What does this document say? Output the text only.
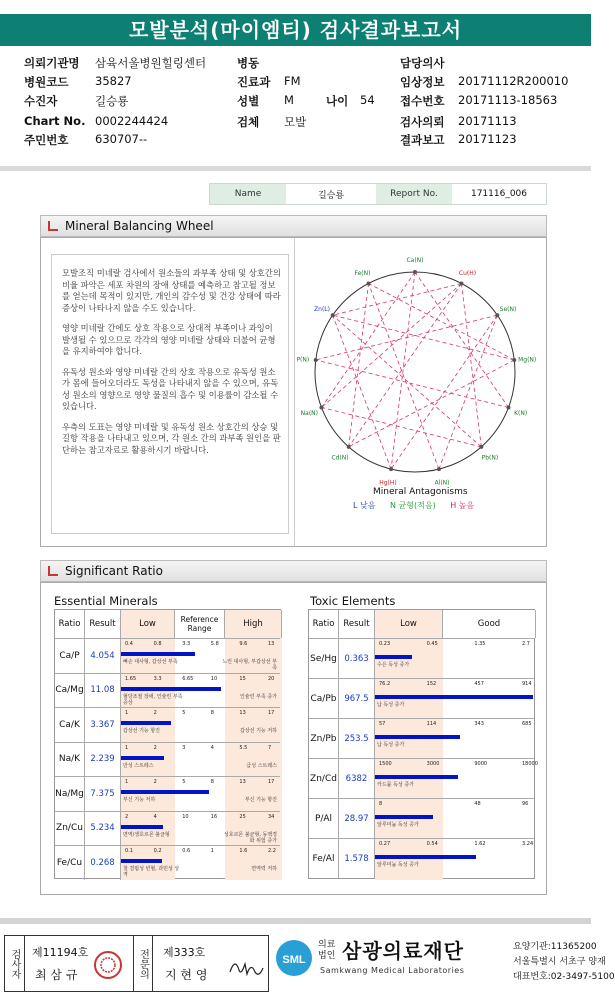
모발분석(마이엠티) 검사결과보고서
의뢰기관명 삼육서울병원힐링센터
병원코드 35827
수진자	길승룡
Chart No. 0002244424
주민번호 630707--
병동
진료과 FM
성별 M
검체 모발
담당의사
임상정보 20171112R200010
접수번호 20171113-18563
검사의뢰 20171113
결과보고 20171123
나이 54
Name	길승룡	Report No.	171116_006
Mineral Balancing Wheel
모발조직 미네랄 검사에서 원소들의 과부족 상태 및 상호간의 비율 파악은 세포 차원의 장애 상태를 예측하고 참고될 정보를 얻는데 목적이 있지만, 개인의 감수성 및 건강 상태에 따라 증상이 나타나지 않을 수도 있습니다.
영양 미네랄 간에도 상호 작용으로 상대적 부족이나 과잉이 발생될 수 있으므로 각각의 영양 미네랄 상태와 더불어 균형을 유지하여야 합니다.
유독성 원소와 영양 미네랄 간의 상호 작용으로 유독성 원소가 몸에 들어오더라도 독성을 나타내지 않을 수 있으며, 유독성 원소의 영향으로 영양 물질의 흡수 및 이용률이 감소될 수 있습니다.
우측의 도표는 영양 미네랄 및 유독성 원소 상호간의 상승 및 길항 작용을 나타내고 있으며, 각 원소 간의 과부족 원인을 판단하는 참고자료로 활용하시기 바랍니다.
Ca(N)
Cu(H)
Se(N)
Mg(N)
K(N)
Pb(N)
Al(N)
Hg(H)
Cd(N)
Na(N)
P(N)
Zn(L)
Fe(N)
Mineral Antagonisms
L 낮음 N 균형(적음) H 높음
Significant Ratio
Essential Minerals	Toxic Elements
Ratio	Result	Low	Reference Range	High
Ca/P	4.054
0.4	0.8	3.3	5.8	9.6	13
뼈손 대사형, 갑상선 부족	느린 대사형, 부갑상선 부족
Ca/Mg 11.08
1.65	3.3	6.65	10	15	20
혈당조절 장애, 인슐린 부족 증상
인슐린 부족 증가
Ca/K	3.367
1	2	5	8	13	17
갑상선 기능 항진	갑상선 기능 저하
Na/K	2.239
1	2	3	4	5.5	7
만성 스트레스	급성 스트레스
Na/Mg 7.375
1	2	5	8	13	17
부신 기능 저하	부신 기능 항진
Zn/Cu 5.234
2	4	10	16	25	34
면역/생호르몬 불균형	성호르몬 불균형, 동맥경화 위험 증가
Fe/Cu 0.268
0.1	0.2	0.6	1	1.6	2.2
철 결핍성 빈혈, 과민성 상격
면역력 저하
Ratio	Result	Low	Good
Se/Hg 0.363
0.23	0.45	1.35	2.7
수은 독성 증가
Ca/Pb 967.5
76.2	152	457	914
납 독성 증가
Zn/Pb 253.5
57	114	343	685
납 독성 증가
Zn/Cd	6382
1500	3000	9000	18000
카드뮴 독성 증가
P/Al	28.97
8	48	96
알루미늄 독성 증가
Fe/Al	1.578
0.27	0.54	1.62	3.24
알루미늄 독성 증가
검사자	제11194호
최 삼 규	전문의	제333호
지 현 영
SML
의료법인 삼광의료재단
Samkwang Medical Laboratories
요양기관:11365200
서울특별시 서초구 양재
대표번호:02-3497-5100
